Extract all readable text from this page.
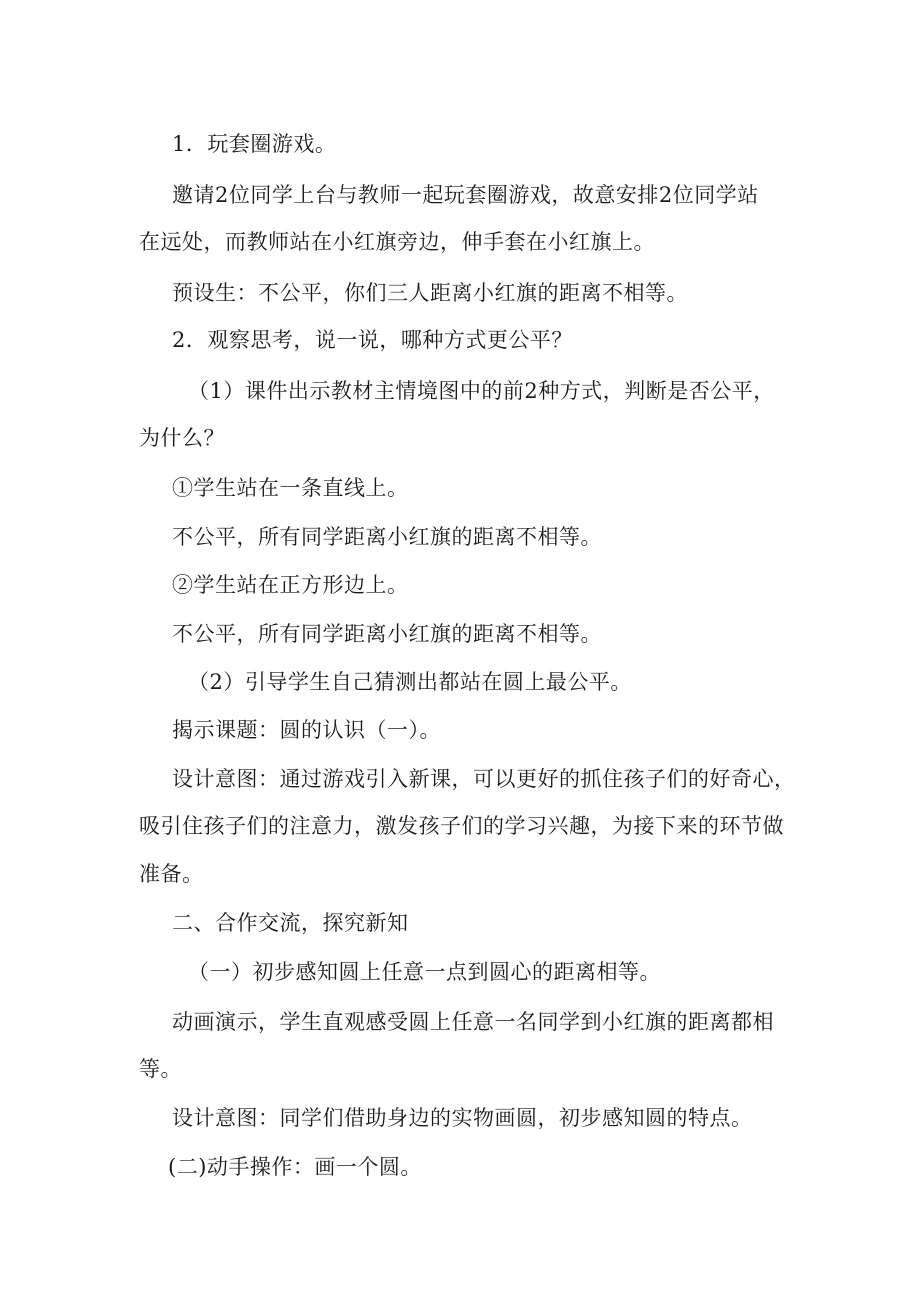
1．玩套圈游戏。
邀请2位同学上台与教师一起玩套圈游戏，故意安排2位同学站
在远处，而教师站在小红旗旁边，伸手套在小红旗上。
预设生：不公平，你们三人距离小红旗的距离不相等。
2．观察思考，说一说，哪种方式更公平？
（1）课件出示教材主情境图中的前2种方式，判断是否公平，
为什么？
①学生站在一条直线上。
不公平，所有同学距离小红旗的距离不相等。
②学生站在正方形边上。
不公平，所有同学距离小红旗的距离不相等。
（2）引导学生自己猜测出都站在圆上最公平。
揭示课题：圆的认识（一）。
设计意图：通过游戏引入新课，可以更好的抓住孩子们的好奇心，
吸引住孩子们的注意力，激发孩子们的学习兴趣，为接下来的环节做
准备。
二、合作交流，探究新知
（一）初步感知圆上任意一点到圆心的距离相等。
动画演示，学生直观感受圆上任意一名同学到小红旗的距离都相
等。
设计意图：同学们借助身边的实物画圆，初步感知圆的特点。
(二)动手操作：画一个圆。
